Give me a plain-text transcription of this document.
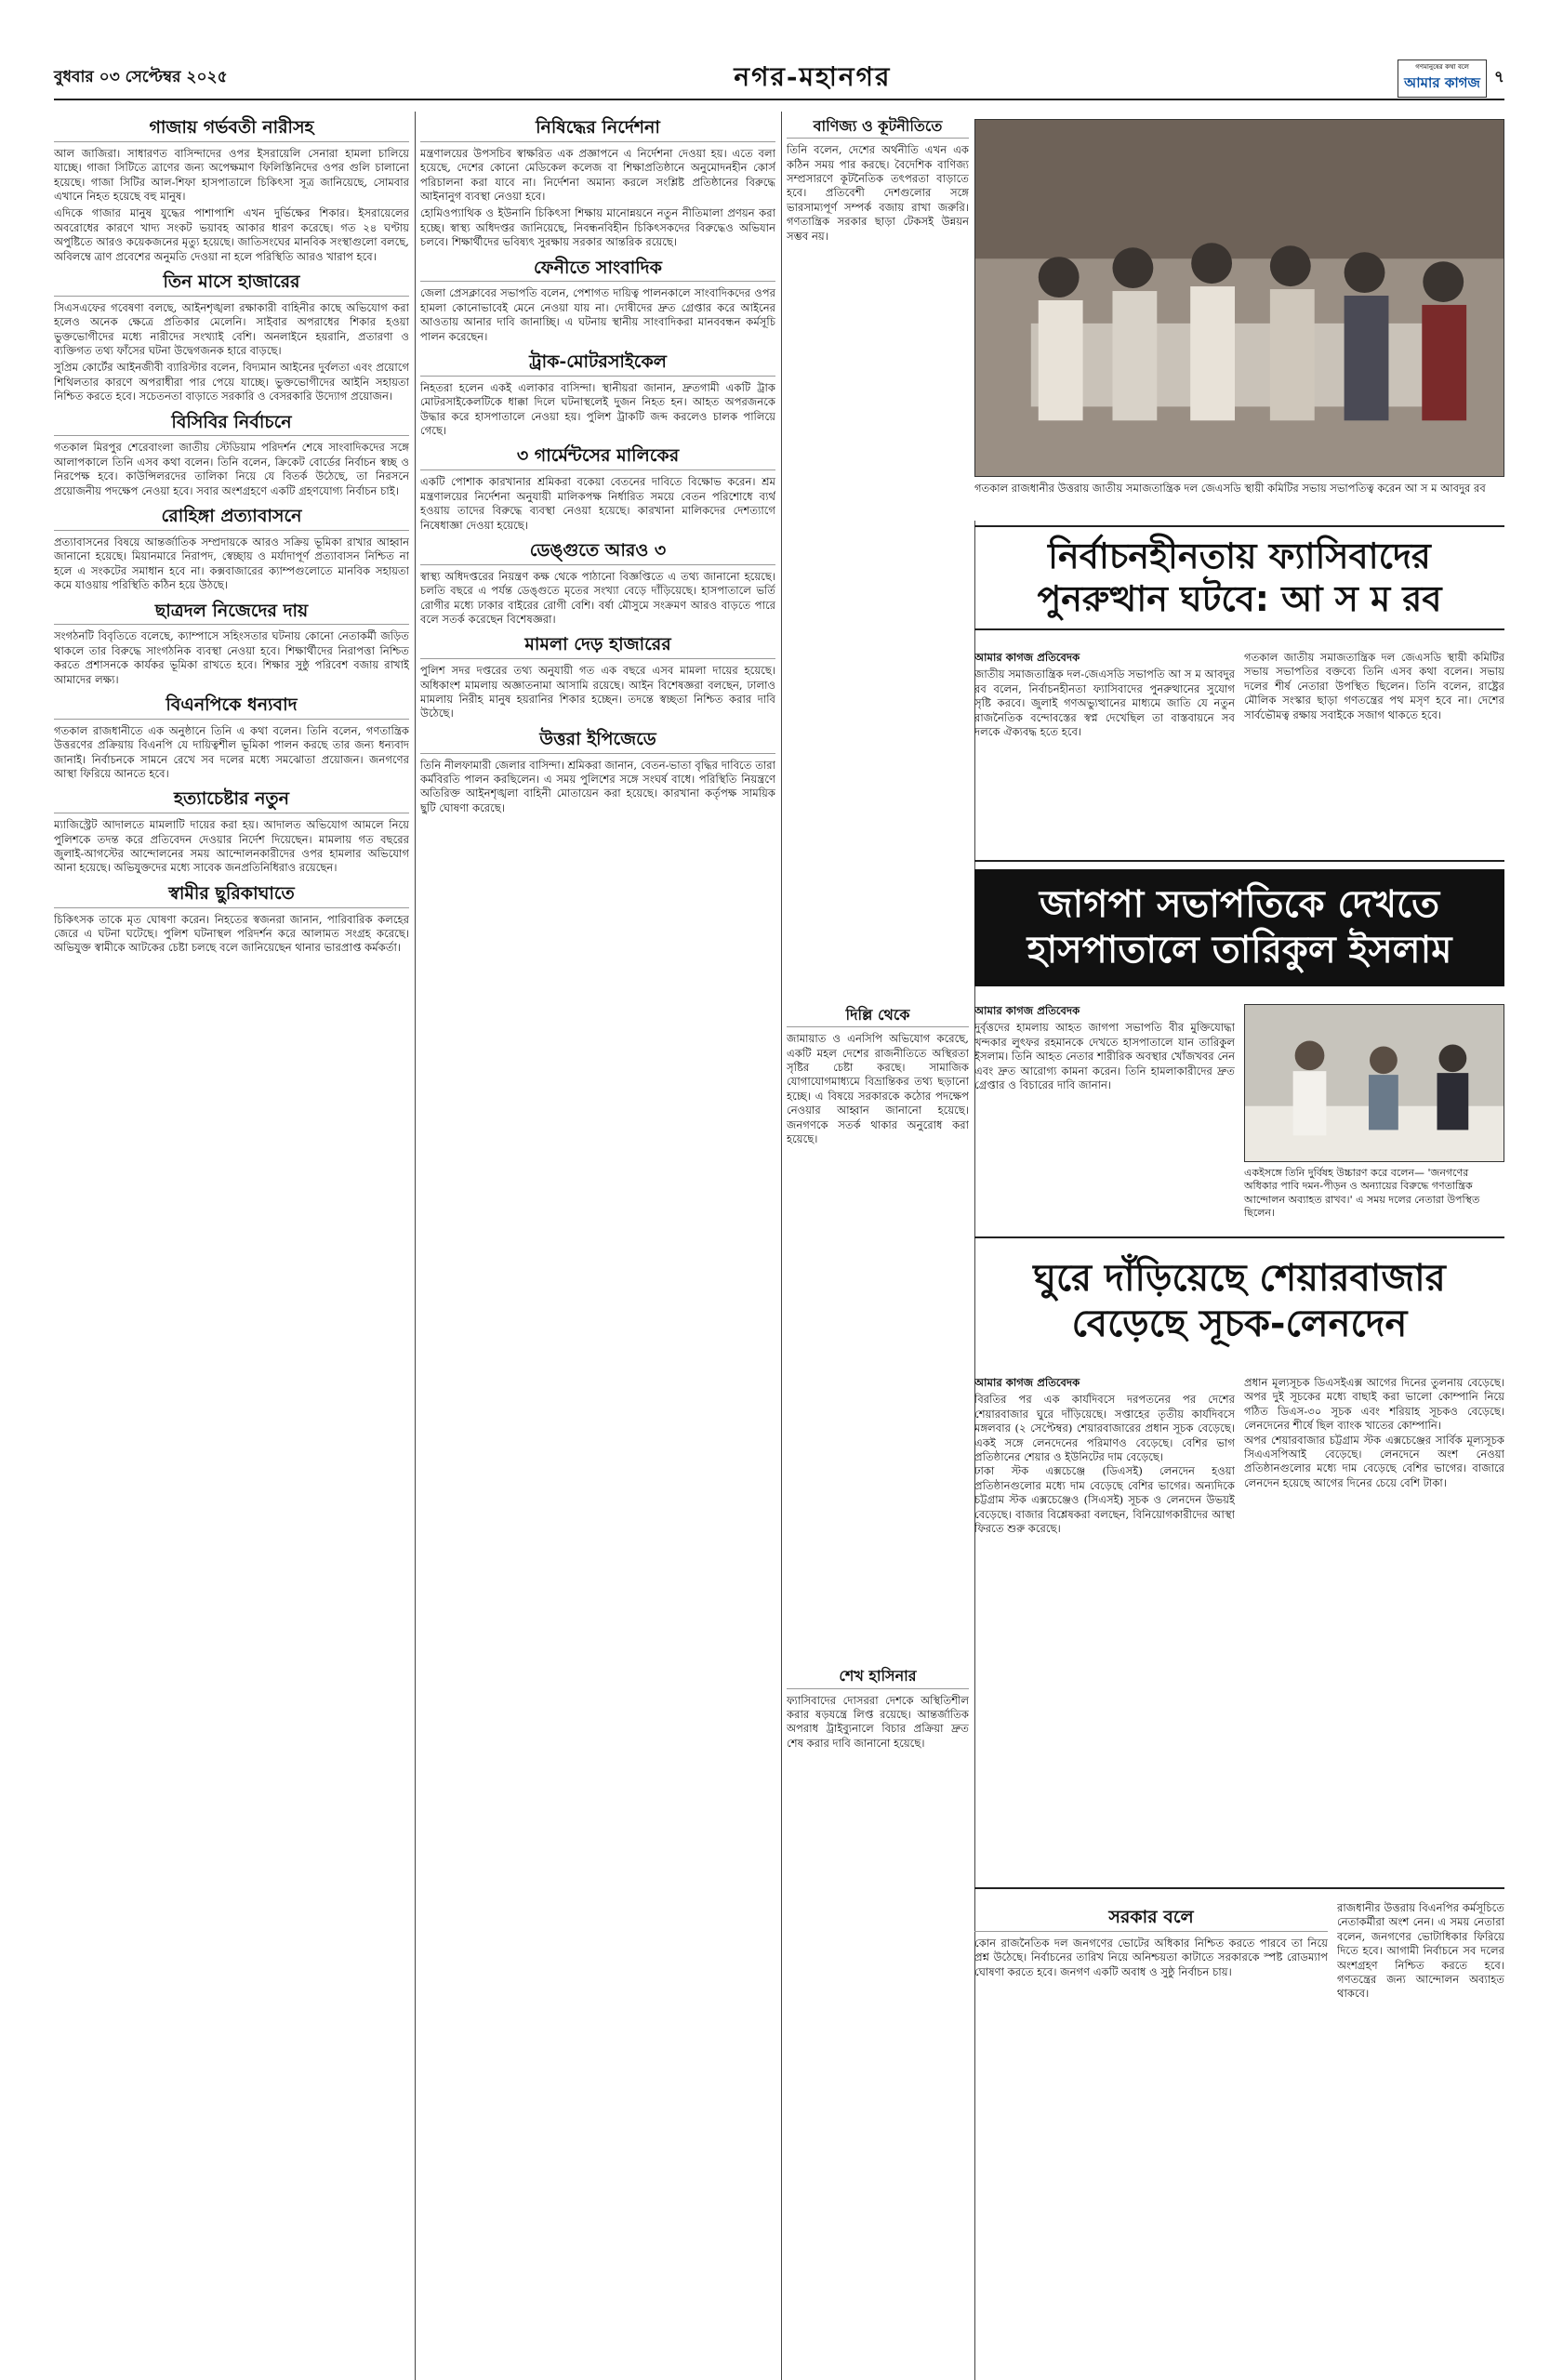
বুধবার ০৩ সেপ্টেম্বর ২০২৫	নগর-মহানগর	গণমানুষের কথা বলে
আমার কাগজ ৭
গাজায় গর্ভবতী নারীসহ

আল জাজিরা। সাধারণত বাসিন্দাদের ওপর ইসরায়েলি সেনারা হামলা চালিয়ে যাচ্ছে। গাজা সিটিতে ত্রাণের জন্য অপেক্ষমাণ ফিলিস্তিনিদের ওপর গুলি চালানো হয়েছে। গাজা সিটির আল-শিফা হাসপাতালে চিকিৎসা সূত্র জানিয়েছে, সোমবার এখানে নিহত হয়েছে বহু মানুষ।

এদিকে গাজার মানুষ যুদ্ধের পাশাপাশি এখন দুর্ভিক্ষের শিকার। ইসরায়েলের অবরোধের কারণে খাদ্য সংকট ভয়াবহ আকার ধারণ করেছে। গত ২৪ ঘণ্টায় অপুষ্টিতে আরও কয়েকজনের মৃত্যু হয়েছে। জাতিসংঘের মানবিক সংস্থাগুলো বলছে, অবিলম্বে ত্রাণ প্রবেশের অনুমতি দেওয়া না হলে পরিস্থিতি আরও খারাপ হবে।

তিন মাসে হাজারের

সিএসএফের গবেষণা বলছে, আইনশৃঙ্খলা রক্ষাকারী বাহিনীর কাছে অভিযোগ করা হলেও অনেক ক্ষেত্রে প্রতিকার মেলেনি। সাইবার অপরাধের শিকার হওয়া ভুক্তভোগীদের মধ্যে নারীদের সংখ্যাই বেশি। অনলাইনে হয়রানি, প্রতারণা ও ব্যক্তিগত তথ্য ফাঁসের ঘটনা উদ্বেগজনক হারে বাড়ছে।

সুপ্রিম কোর্টের আইনজীবী ব্যারিস্টার বলেন, বিদ্যমান আইনের দুর্বলতা এবং প্রয়োগে শিথিলতার কারণে অপরাধীরা পার পেয়ে যাচ্ছে। ভুক্তভোগীদের আইনি সহায়তা নিশ্চিত করতে হবে। সচেতনতা বাড়াতে সরকারি ও বেসরকারি উদ্যোগ প্রয়োজন।

বিসিবির নির্বাচনে

গতকাল মিরপুর শেরেবাংলা জাতীয় স্টেডিয়াম পরিদর্শন শেষে সাংবাদিকদের সঙ্গে আলাপকালে তিনি এসব কথা বলেন। তিনি বলেন, ক্রিকেট বোর্ডের নির্বাচন স্বচ্ছ ও নিরপেক্ষ হবে। কাউন্সিলরদের তালিকা নিয়ে যে বিতর্ক উঠেছে, তা নিরসনে প্রয়োজনীয় পদক্ষেপ নেওয়া হবে। সবার অংশগ্রহণে একটি গ্রহণযোগ্য নির্বাচন চাই।

রোহিঙ্গা প্রত্যাবাসনে

প্রত্যাবাসনের বিষয়ে আন্তর্জাতিক সম্প্রদায়কে আরও সক্রিয় ভূমিকা রাখার আহ্বান জানানো হয়েছে। মিয়ানমারে নিরাপদ, স্বেচ্ছায় ও মর্যাদাপূর্ণ প্রত্যাবাসন নিশ্চিত না হলে এ সংকটের সমাধান হবে না। কক্সবাজারের ক্যাম্পগুলোতে মানবিক সহায়তা কমে যাওয়ায় পরিস্থিতি কঠিন হয়ে উঠছে।

ছাত্রদল নিজেদের দায়

সংগঠনটি বিবৃতিতে বলেছে, ক্যাম্পাসে সহিংসতার ঘটনায় কোনো নেতাকর্মী জড়িত থাকলে তার বিরুদ্ধে সাংগঠনিক ব্যবস্থা নেওয়া হবে। শিক্ষার্থীদের নিরাপত্তা নিশ্চিত করতে প্রশাসনকে কার্যকর ভূমিকা রাখতে হবে। শিক্ষার সুষ্ঠু পরিবেশ বজায় রাখাই আমাদের লক্ষ্য।

বিএনপিকে ধন্যবাদ

গতকাল রাজধানীতে এক অনুষ্ঠানে তিনি এ কথা বলেন। তিনি বলেন, গণতান্ত্রিক উত্তরণের প্রক্রিয়ায় বিএনপি যে দায়িত্বশীল ভূমিকা পালন করছে তার জন্য ধন্যবাদ জানাই। নির্বাচনকে সামনে রেখে সব দলের মধ্যে সমঝোতা প্রয়োজন। জনগণের আস্থা ফিরিয়ে আনতে হবে।

হত্যাচেষ্টার নতুন

ম্যাজিস্ট্রেট আদালতে মামলাটি দায়ের করা হয়। আদালত অভিযোগ আমলে নিয়ে পুলিশকে তদন্ত করে প্রতিবেদন দেওয়ার নির্দেশ দিয়েছেন। মামলায় গত বছরের জুলাই-আগস্টের আন্দোলনের সময় আন্দোলনকারীদের ওপর হামলার অভিযোগ আনা হয়েছে। অভিযুক্তদের মধ্যে সাবেক জনপ্রতিনিধিরাও রয়েছেন।

স্বামীর ছুরিকাঘাতে

চিকিৎসক তাকে মৃত ঘোষণা করেন। নিহতের স্বজনরা জানান, পারিবারিক কলহের জেরে এ ঘটনা ঘটেছে। পুলিশ ঘটনাস্থল পরিদর্শন করে আলামত সংগ্রহ করেছে। অভিযুক্ত স্বামীকে আটকের চেষ্টা চলছে বলে জানিয়েছেন থানার ভারপ্রাপ্ত কর্মকর্তা।

নিষিদ্ধের নির্দেশনা

মন্ত্রণালয়ের উপসচিব স্বাক্ষরিত এক প্রজ্ঞাপনে এ নির্দেশনা দেওয়া হয়। এতে বলা হয়েছে, দেশের কোনো মেডিকেল কলেজ বা শিক্ষাপ্রতিষ্ঠানে অনুমোদনহীন কোর্স পরিচালনা করা যাবে না। নির্দেশনা অমান্য করলে সংশ্লিষ্ট প্রতিষ্ঠানের বিরুদ্ধে আইনানুগ ব্যবস্থা নেওয়া হবে।

হোমিওপ্যাথিক ও ইউনানি চিকিৎসা শিক্ষায় মানোন্নয়নে নতুন নীতিমালা প্রণয়ন করা হচ্ছে। স্বাস্থ্য অধিদপ্তর জানিয়েছে, নিবন্ধনবিহীন চিকিৎসকদের বিরুদ্ধেও অভিযান চলবে। শিক্ষার্থীদের ভবিষ্যৎ সুরক্ষায় সরকার আন্তরিক রয়েছে।

ফেনীতে সাংবাদিক

জেলা প্রেসক্লাবের সভাপতি বলেন, পেশাগত দায়িত্ব পালনকালে সাংবাদিকদের ওপর হামলা কোনোভাবেই মেনে নেওয়া যায় না। দোষীদের দ্রুত গ্রেপ্তার করে আইনের আওতায় আনার দাবি জানাচ্ছি। এ ঘটনায় স্থানীয় সাংবাদিকরা মানববন্ধন কর্মসূচি পালন করেছেন।

ট্রাক-মোটরসাইকেল

নিহতরা হলেন একই এলাকার বাসিন্দা। স্থানীয়রা জানান, দ্রুতগামী একটি ট্রাক মোটরসাইকেলটিকে ধাক্কা দিলে ঘটনাস্থলেই দুজন নিহত হন। আহত অপরজনকে উদ্ধার করে হাসপাতালে নেওয়া হয়। পুলিশ ট্রাকটি জব্দ করলেও চালক পালিয়ে গেছে।

৩ গার্মেন্টসের মালিকের

একটি পোশাক কারখানার শ্রমিকরা বকেয়া বেতনের দাবিতে বিক্ষোভ করেন। শ্রম মন্ত্রণালয়ের নির্দেশনা অনুযায়ী মালিকপক্ষ নির্ধারিত সময়ে বেতন পরিশোধে ব্যর্থ হওয়ায় তাদের বিরুদ্ধে ব্যবস্থা নেওয়া হয়েছে। কারখানা মালিকদের দেশত্যাগে নিষেধাজ্ঞা দেওয়া হয়েছে।

ডেঙ্গুতে আরও ৩

স্বাস্থ্য অধিদপ্তরের নিয়ন্ত্রণ কক্ষ থেকে পাঠানো বিজ্ঞপ্তিতে এ তথ্য জানানো হয়েছে। চলতি বছরে এ পর্যন্ত ডেঙ্গুতে মৃতের সংখ্যা বেড়ে দাঁড়িয়েছে। হাসপাতালে ভর্তি রোগীর মধ্যে ঢাকার বাইরের রোগী বেশি। বর্ষা মৌসুমে সংক্রমণ আরও বাড়তে পারে বলে সতর্ক করেছেন বিশেষজ্ঞরা।

মামলা দেড় হাজারের

পুলিশ সদর দপ্তরের তথ্য অনুযায়ী গত এক বছরে এসব মামলা দায়ের হয়েছে। অধিকাংশ মামলায় অজ্ঞাতনামা আসামি রয়েছে। আইন বিশেষজ্ঞরা বলছেন, ঢালাও মামলায় নিরীহ মানুষ হয়রানির শিকার হচ্ছেন। তদন্তে স্বচ্ছতা নিশ্চিত করার দাবি উঠেছে।

উত্তরা ইপিজেডে

তিনি নীলফামারী জেলার বাসিন্দা। শ্রমিকরা জানান, বেতন-ভাতা বৃদ্ধির দাবিতে তারা কর্মবিরতি পালন করছিলেন। এ সময় পুলিশের সঙ্গে সংঘর্ষ বাধে। পরিস্থিতি নিয়ন্ত্রণে অতিরিক্ত আইনশৃঙ্খলা বাহিনী মোতায়েন করা হয়েছে। কারখানা কর্তৃপক্ষ সাময়িক ছুটি ঘোষণা করেছে।

বাণিজ্য ও কূটনীতিতে

তিনি বলেন, দেশের অর্থনীতি এখন এক কঠিন সময় পার করছে। বৈদেশিক বাণিজ্য সম্প্রসারণে কূটনৈতিক তৎপরতা বাড়াতে হবে। প্রতিবেশী দেশগুলোর সঙ্গে ভারসাম্যপূর্ণ সম্পর্ক বজায় রাখা জরুরি। গণতান্ত্রিক সরকার ছাড়া টেকসই উন্নয়ন সম্ভব নয়।

দিল্লি থেকে

জামায়াত ও এনসিপি অভিযোগ করেছে, একটি মহল দেশের রাজনীতিতে অস্থিরতা সৃষ্টির চেষ্টা করছে। সামাজিক যোগাযোগমাধ্যমে বিভ্রান্তিকর তথ্য ছড়ানো হচ্ছে। এ বিষয়ে সরকারকে কঠোর পদক্ষেপ নেওয়ার আহ্বান জানানো হয়েছে। জনগণকে সতর্ক থাকার অনুরোধ করা হয়েছে।

শেখ হাসিনার

ফ্যাসিবাদের দোসররা দেশকে অস্থিতিশীল করার ষড়যন্ত্রে লিপ্ত রয়েছে। আন্তর্জাতিক অপরাধ ট্রাইব্যুনালে বিচার প্রক্রিয়া দ্রুত শেষ করার দাবি জানানো হয়েছে।

গতকাল রাজধানীর উত্তরায় জাতীয় সমাজতান্ত্রিক দল জেএসডি স্থায়ী কমিটির সভায় সভাপতিত্ব করেন আ স ম আবদুর রব
নির্বাচনহীনতায় ফ্যাসিবাদের
পুনরুত্থান ঘটবে: আ স ম রব
আমার কাগজ প্রতিবেদক

জাতীয় সমাজতান্ত্রিক দল-জেএসডি সভাপতি আ স ম আবদুর রব বলেন, নির্বাচনহীনতা ফ্যাসিবাদের পুনরুত্থানের সুযোগ সৃষ্টি করবে। জুলাই গণঅভ্যুত্থানের মাধ্যমে জাতি যে নতুন রাজনৈতিক বন্দোবস্তের স্বপ্ন দেখেছিল তা বাস্তবায়নে সব দলকে ঐক্যবদ্ধ হতে হবে।

গতকাল জাতীয় সমাজতান্ত্রিক দল জেএসডি স্থায়ী কমিটির সভায় সভাপতির বক্তব্যে তিনি এসব কথা বলেন। সভায় দলের শীর্ষ নেতারা উপস্থিত ছিলেন। তিনি বলেন, রাষ্ট্রের মৌলিক সংস্কার ছাড়া গণতন্ত্রের পথ মসৃণ হবে না। দেশের সার্বভৌমত্ব রক্ষায় সবাইকে সজাগ থাকতে হবে।

জাগপা সভাপতিকে দেখতে
হাসপাতালে তারিকুল ইসলাম
আমার কাগজ প্রতিবেদক

দুর্বৃত্তদের হামলায় আহত জাগপা সভাপতি বীর মুক্তিযোদ্ধা খন্দকার লুৎফর রহমানকে দেখতে হাসপাতালে যান তারিকুল ইসলাম। তিনি আহত নেতার শারীরিক অবস্থার খোঁজখবর নেন এবং দ্রুত আরোগ্য কামনা করেন। তিনি হামলাকারীদের দ্রুত গ্রেপ্তার ও বিচারের দাবি জানান।

একইসঙ্গে তিনি দুর্বিষহ উচ্চারণ করে বলেন— 'জনগণের অধিকার পাবি দমন-পীড়ন ও অন্যায়ের বিরুদ্ধে গণতান্ত্রিক আন্দোলন অব্যাহত রাখব।' এ সময় দলের নেতারা উপস্থিত ছিলেন।
ঘুরে দাঁড়িয়েছে শেয়ারবাজার
বেড়েছে সূচক-লেনদেন
আমার কাগজ প্রতিবেদক

বিরতির পর এক কার্যদিবসে দরপতনের পর দেশের শেয়ারবাজার ঘুরে দাঁড়িয়েছে। সপ্তাহের তৃতীয় কার্যদিবসে মঙ্গলবার (২ সেপ্টেম্বর) শেয়ারবাজারের প্রধান সূচক বেড়েছে। একই সঙ্গে লেনদেনের পরিমাণও বেড়েছে। বেশির ভাগ প্রতিষ্ঠানের শেয়ার ও ইউনিটের দাম বেড়েছে।

ঢাকা স্টক এক্সচেঞ্জে (ডিএসই) লেনদেন হওয়া প্রতিষ্ঠানগুলোর মধ্যে দাম বেড়েছে বেশির ভাগের। অন্যদিকে চট্টগ্রাম স্টক এক্সচেঞ্জেও (সিএসই) সূচক ও লেনদেন উভয়ই বেড়েছে। বাজার বিশ্লেষকরা বলছেন, বিনিয়োগকারীদের আস্থা ফিরতে শুরু করেছে।

প্রধান মূল্যসূচক ডিএসইএক্স আগের দিনের তুলনায় বেড়েছে। অপর দুই সূচকের মধ্যে বাছাই করা ভালো কোম্পানি নিয়ে গঠিত ডিএস-৩০ সূচক এবং শরিয়াহ সূচকও বেড়েছে। লেনদেনের শীর্ষে ছিল ব্যাংক খাতের কোম্পানি।

অপর শেয়ারবাজার চট্টগ্রাম স্টক এক্সচেঞ্জের সার্বিক মূল্যসূচক সিএএসপিআই বেড়েছে। লেনদেনে অংশ নেওয়া প্রতিষ্ঠানগুলোর মধ্যে দাম বেড়েছে বেশির ভাগের। বাজারে লেনদেন হয়েছে আগের দিনের চেয়ে বেশি টাকা।

সরকার বলে

কোন রাজনৈতিক দল জনগণের ভোটের অধিকার নিশ্চিত করতে পারবে তা নিয়ে প্রশ্ন উঠেছে। নির্বাচনের তারিখ নিয়ে অনিশ্চয়তা কাটাতে সরকারকে স্পষ্ট রোডম্যাপ ঘোষণা করতে হবে। জনগণ একটি অবাধ ও সুষ্ঠু নির্বাচন চায়।

রাজধানীর উত্তরায় বিএনপির কর্মসূচিতে নেতাকর্মীরা অংশ নেন। এ সময় নেতারা বলেন, জনগণের ভোটাধিকার ফিরিয়ে দিতে হবে। আগামী নির্বাচনে সব দলের অংশগ্রহণ নিশ্চিত করতে হবে। গণতন্ত্রের জন্য আন্দোলন অব্যাহত থাকবে।
